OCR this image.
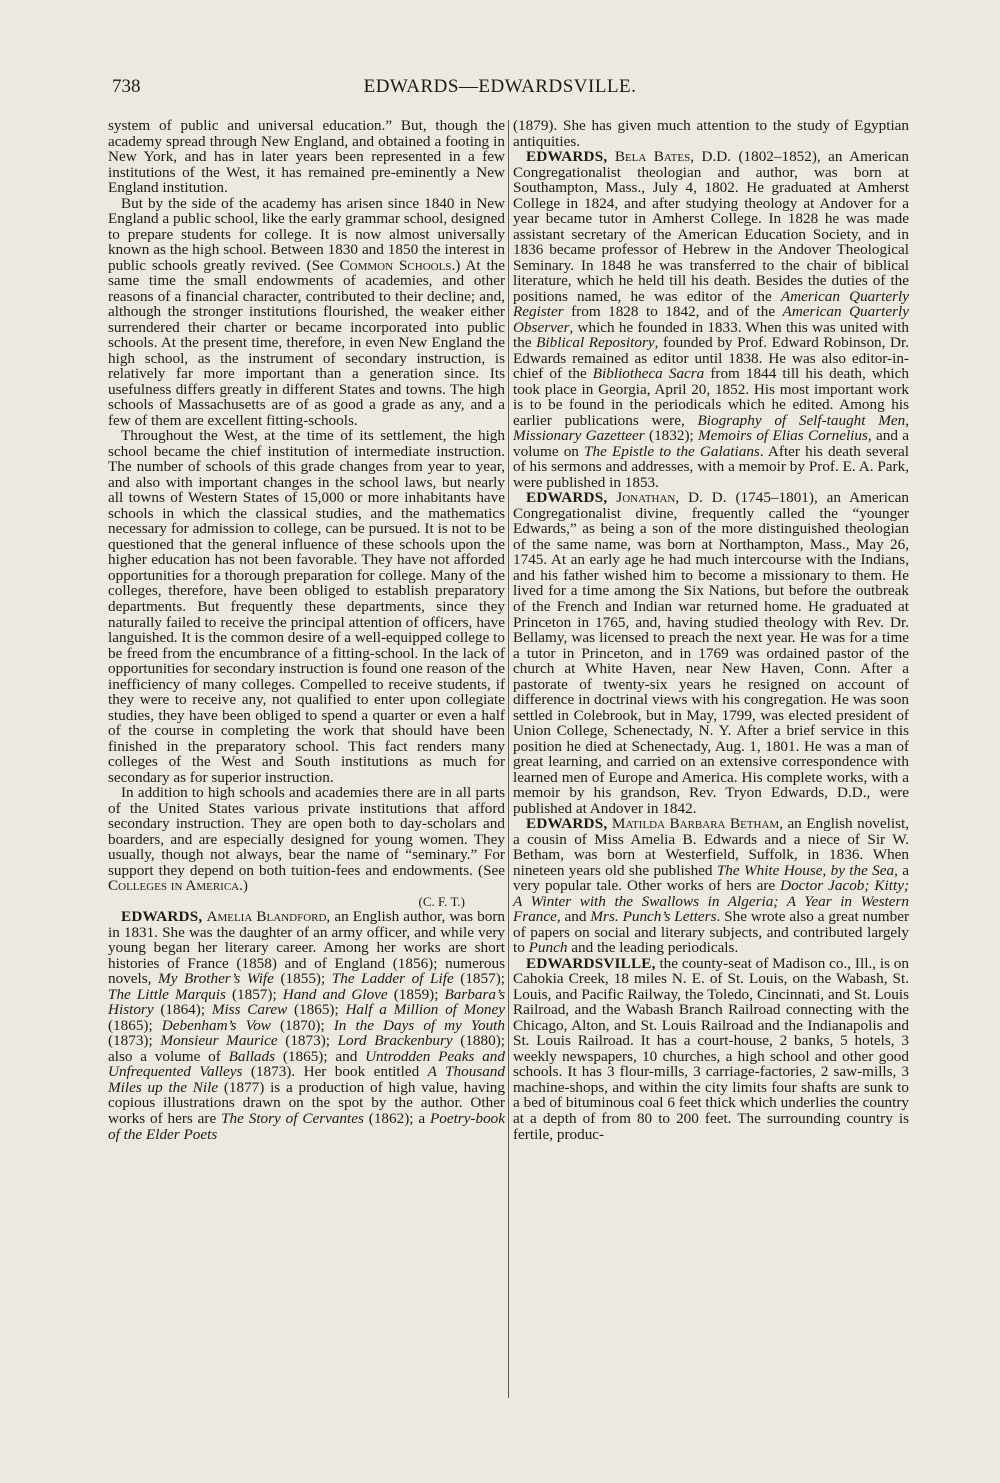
738	EDWARDS—EDWARDSVILLE.

system of public and universal education.” But, though the academy spread through New England, and obtained a footing in New York, and has in later years been represented in a few institutions of the West, it has remained pre-eminently a New England institution.

But by the side of the academy has arisen since 1840 in New England a public school, like the early grammar school, designed to prepare students for college. It is now almost universally known as the high school. Between 1830 and 1850 the interest in public schools greatly revived. (See Common Schools.) At the same time the small endowments of academies, and other reasons of a financial character, contributed to their decline; and, although the stronger institutions flourished, the weaker either surrendered their charter or became incorporated into public schools. At the present time, therefore, in even New England the high school, as the instrument of secondary instruction, is relatively far more important than a generation since. Its usefulness differs greatly in different States and towns. The high schools of Massachusetts are of as good a grade as any, and a few of them are excellent fitting-schools.

Throughout the West, at the time of its settlement, the high school became the chief institution of intermediate instruction. The number of schools of this grade changes from year to year, and also with important changes in the school laws, but nearly all towns of Western States of 15,000 or more inhabitants have schools in which the classical studies, and the mathematics necessary for admission to college, can be pursued. It is not to be questioned that the general influence of these schools upon the higher education has not been favorable. They have not afforded opportunities for a thorough preparation for college. Many of the colleges, therefore, have been obliged to establish preparatory departments. But frequently these departments, since they naturally failed to receive the principal attention of officers, have languished. It is the common desire of a well-equipped college to be freed from the encumbrance of a fitting-school. In the lack of opportunities for secondary instruction is found one reason of the inefficiency of many colleges. Compelled to receive students, if they were to receive any, not qualified to enter upon collegiate studies, they have been obliged to spend a quarter or even a half of the course in completing the work that should have been finished in the preparatory school. This fact renders many colleges of the West and South institutions as much for secondary as for superior instruction.

In addition to high schools and academies there are in all parts of the United States various private institutions that afford secondary instruction. They are open both to day-scholars and boarders, and are especially designed for young women. They usually, though not always, bear the name of “seminary.” For support they depend on both tuition-fees and endowments. (See Colleges in America.)

(C. F. T.)

EDWARDS, Amelia Blandford, an English author, was born in 1831. She was the daughter of an army officer, and while very young began her literary career. Among her works are short histories of France (1858) and of England (1856); numerous novels, My Brother’s Wife (1855); The Ladder of Life (1857); The Little Marquis (1857); Hand and Glove (1859); Barbara’s History (1864); Miss Carew (1865); Half a Million of Money (1865); Debenham’s Vow (1870); In the Days of my Youth (1873); Monsieur Maurice (1873); Lord Brackenbury (1880); also a volume of Ballads (1865); and Untrodden Peaks and Unfrequented Valleys (1873). Her book entitled A Thousand Miles up the Nile (1877) is a production of high value, having copious illustrations drawn on the spot by the author. Other works of hers are The Story of Cervantes (1862); a Poetry-book of the Elder Poets

(1879). She has given much attention to the study of Egyptian antiquities.

EDWARDS, Bela Bates, D.D. (1802–1852), an American Congregationalist theologian and author, was born at Southampton, Mass., July 4, 1802. He graduated at Amherst College in 1824, and after studying theology at Andover for a year became tutor in Amherst College. In 1828 he was made assistant secretary of the American Education Society, and in 1836 became professor of Hebrew in the Andover Theological Seminary. In 1848 he was transferred to the chair of biblical literature, which he held till his death. Besides the duties of the positions named, he was editor of the American Quarterly Register from 1828 to 1842, and of the American Quarterly Observer, which he founded in 1833. When this was united with the Biblical Repository, founded by Prof. Edward Robinson, Dr. Edwards remained as editor until 1838. He was also editor-in-chief of the Bibliotheca Sacra from 1844 till his death, which took place in Georgia, April 20, 1852. His most important work is to be found in the periodicals which he edited. Among his earlier publications were, Biography of Self-taught Men, Missionary Gazetteer (1832); Memoirs of Elias Cornelius, and a volume on The Epistle to the Galatians. After his death several of his sermons and addresses, with a memoir by Prof. E. A. Park, were published in 1853.

EDWARDS, Jonathan, D. D. (1745–1801), an American Congregationalist divine, frequently called the “younger Edwards,” as being a son of the more distinguished theologian of the same name, was born at Northampton, Mass., May 26, 1745. At an early age he had much intercourse with the Indians, and his father wished him to become a missionary to them. He lived for a time among the Six Nations, but before the outbreak of the French and Indian war returned home. He graduated at Princeton in 1765, and, having studied theology with Rev. Dr. Bellamy, was licensed to preach the next year. He was for a time a tutor in Princeton, and in 1769 was ordained pastor of the church at White Haven, near New Haven, Conn. After a pastorate of twenty-six years he resigned on account of difference in doctrinal views with his congregation. He was soon settled in Colebrook, but in May, 1799, was elected president of Union College, Schenectady, N. Y. After a brief service in this position he died at Schenectady, Aug. 1, 1801. He was a man of great learning, and carried on an extensive correspondence with learned men of Europe and America. His complete works, with a memoir by his grandson, Rev. Tryon Edwards, D.D., were published at Andover in 1842.

EDWARDS, Matilda Barbara Betham, an English novelist, a cousin of Miss Amelia B. Edwards and a niece of Sir W. Betham, was born at Westerfield, Suffolk, in 1836. When nineteen years old she published The White House, by the Sea, a very popular tale. Other works of hers are Doctor Jacob; Kitty; A Winter with the Swallows in Algeria; A Year in Western France, and Mrs. Punch’s Letters. She wrote also a great number of papers on social and literary subjects, and contributed largely to Punch and the leading periodicals.

EDWARDSVILLE, the county-seat of Madison co., Ill., is on Cahokia Creek, 18 miles N. E. of St. Louis, on the Wabash, St. Louis, and Pacific Railway, the Toledo, Cincinnati, and St. Louis Railroad, and the Wabash Branch Railroad connecting with the Chicago, Alton, and St. Louis Railroad and the Indianapolis and St. Louis Railroad. It has a court-house, 2 banks, 5 hotels, 3 weekly newspapers, 10 churches, a high school and other good schools. It has 3 flour-mills, 3 carriage-factories, 2 saw-mills, 3 machine-shops, and within the city limits four shafts are sunk to a bed of bituminous coal 6 feet thick which underlies the country at a depth of from 80 to 200 feet. The surrounding country is fertile, produc-
